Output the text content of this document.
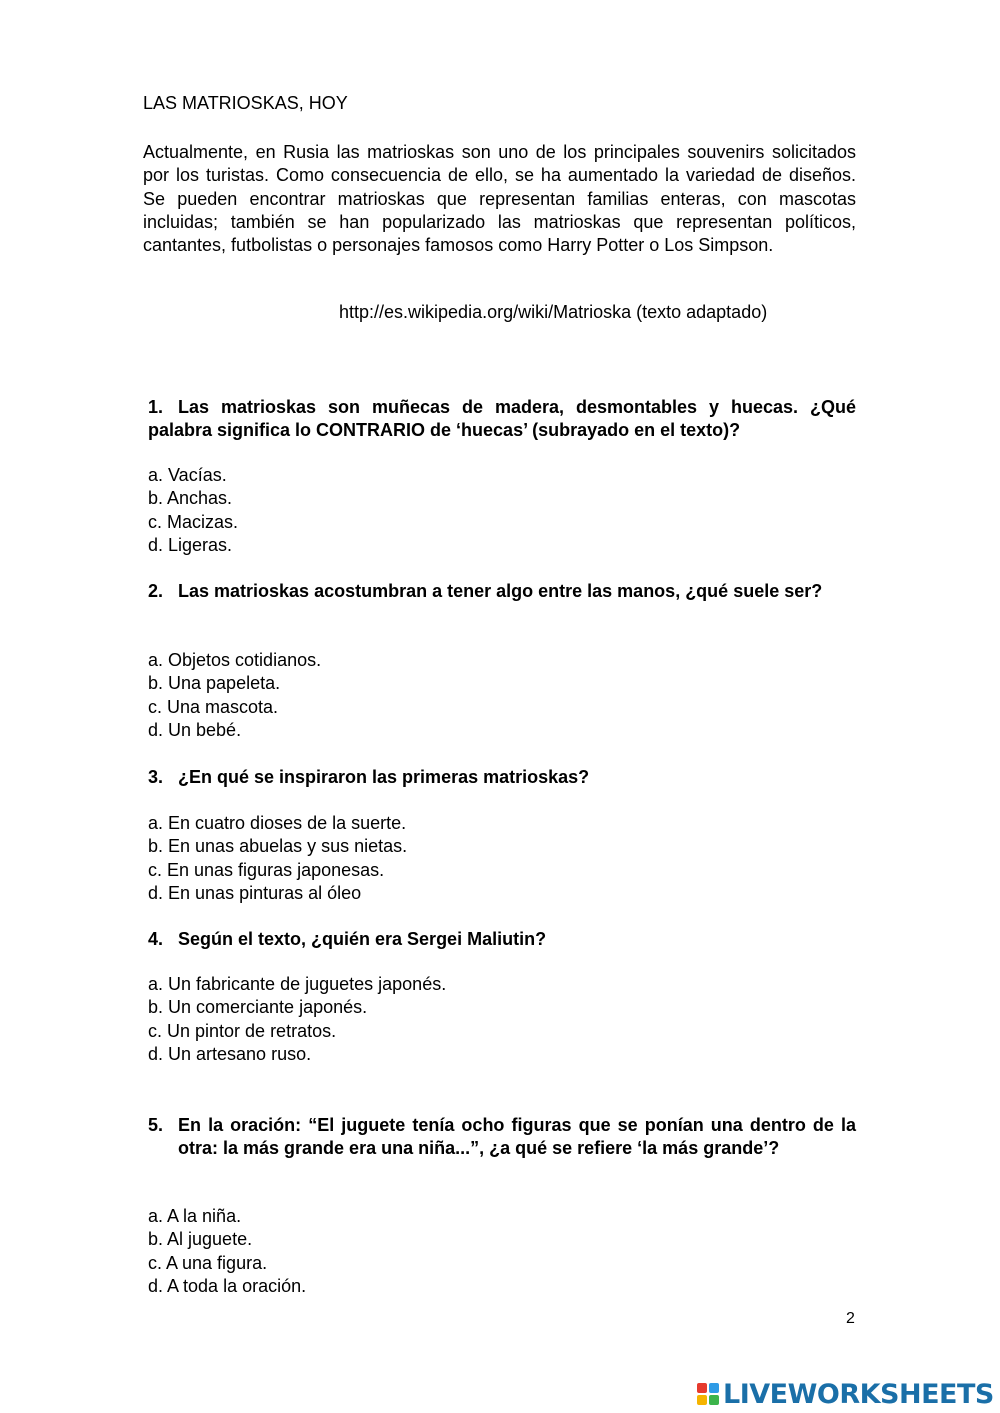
LAS MATRIOSKAS, HOY

Actualmente, en Rusia las matrioskas son uno de los principales souvenirs solicitados por los turistas. Como consecuencia de ello, se ha aumentado la variedad de diseños. Se pueden encontrar matrioskas que representan familias enteras, con mascotas incluidas; también se han popularizado las matrioskas que representan políticos, cantantes, futbolistas o personajes famosos como Harry Potter o Los Simpson.

http://es.wikipedia.org/wiki/Matrioska (texto adaptado)
Las matrioskas son muñecas de madera, desmontables y huecas. ¿Qué palabra significa lo CONTRARIO de ‘huecas’ (subrayado en el texto)?
1.
a. Vacías.
b. Anchas.
c. Macizas.
d. Ligeras.
2. Las matrioskas acostumbran a tener algo entre las manos, ¿qué suele ser?
a. Objetos cotidianos.
b. Una papeleta.
c. Una mascota.
d. Un bebé.
3. ¿En qué se inspiraron las primeras matrioskas?
a. En cuatro dioses de la suerte.
b. En unas abuelas y sus nietas.
c. En unas figuras japonesas.
d. En unas pinturas al óleo
4. Según el texto, ¿quién era Sergei Maliutin?
a. Un fabricante de juguetes japonés.
b. Un comerciante japonés.
c. Un pintor de retratos.
d. Un artesano ruso.
5. En la oración: “El juguete tenía ocho figuras que se ponían una dentro de la otra: la más grande era una niña...”, ¿a qué se refiere ‘la más grande’?
a. A la niña.
b. Al juguete.
c. A una figura.
d. A toda la oración.
2
LIVEWORKSHEETS
